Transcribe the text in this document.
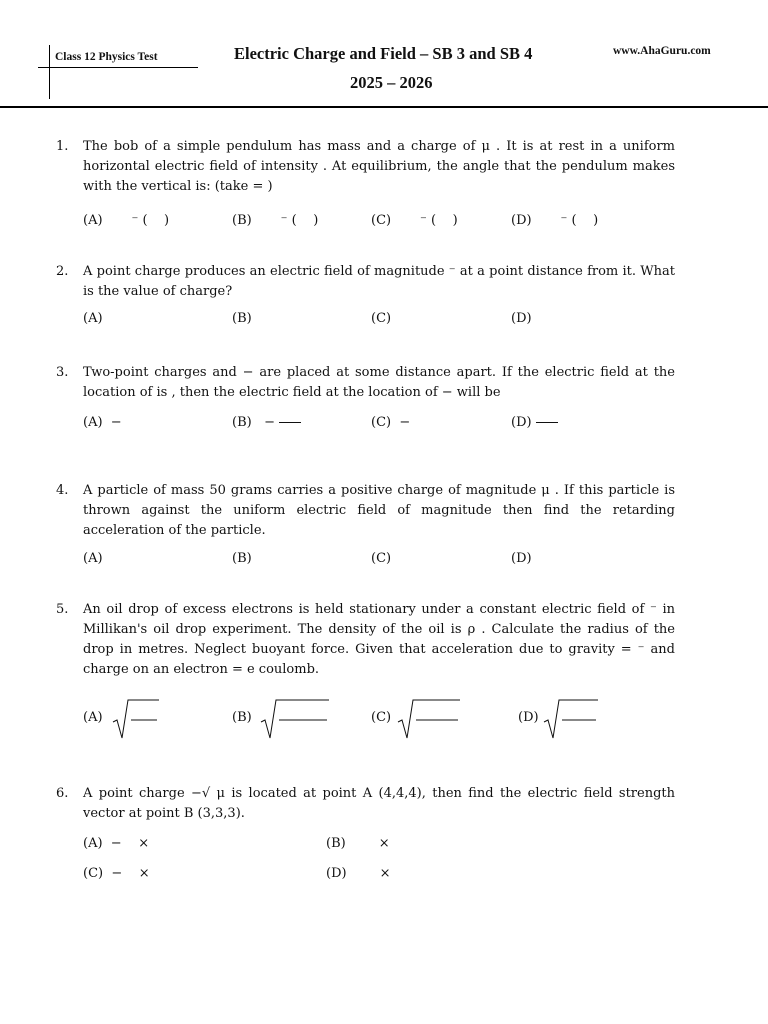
Class 12 Physics Test	Electric Charge and Field – SB 3 and SB 4
2025 – 2026
www.AhaGuru.com
1. The bob of a simple pendulum has mass and a charge of μ . It is at rest in a uniform horizontal electric field of intensity . At equilibrium, the angle that the pendulum makes with the vertical is: (take = )
(A)       ⁻ (    )	(B)       ⁻ (    )	(C)       ⁻ (    )	(D)       ⁻ (    )
2. A point charge produces an electric field of magnitude ⁻ at a point distance from it. What is the value of charge?
(A)	(B)	(C)	(D)
3. Two-point charges and − are placed at some distance apart. If the electric field at the location of is , then the electric field at the location of − will be
(A)  −	(B)   −	(C)  −	(D)
4. A particle of mass 50 grams carries a positive charge of magnitude μ . If this particle is thrown against the uniform electric field of magnitude then find the retarding acceleration of the particle.
(A)	(B)	(C)	(D)
5. An oil drop of excess electrons is held stationary under a constant electric field of ⁻ in Millikan's oil drop experiment. The density of the oil is ρ . Calculate the radius of the drop in metres. Neglect buoyant force. Given that acceleration due to gravity = ⁻ and charge on an electron = e coulomb.
(A)	(B)	(C)	(D)
6. A point charge −√ μ is located at point A (4,4,4), then find the electric field strength vector at point B (3,3,3).
(A)  −    ×	(B)        ×
(C)  −    ×	(D)        ×
